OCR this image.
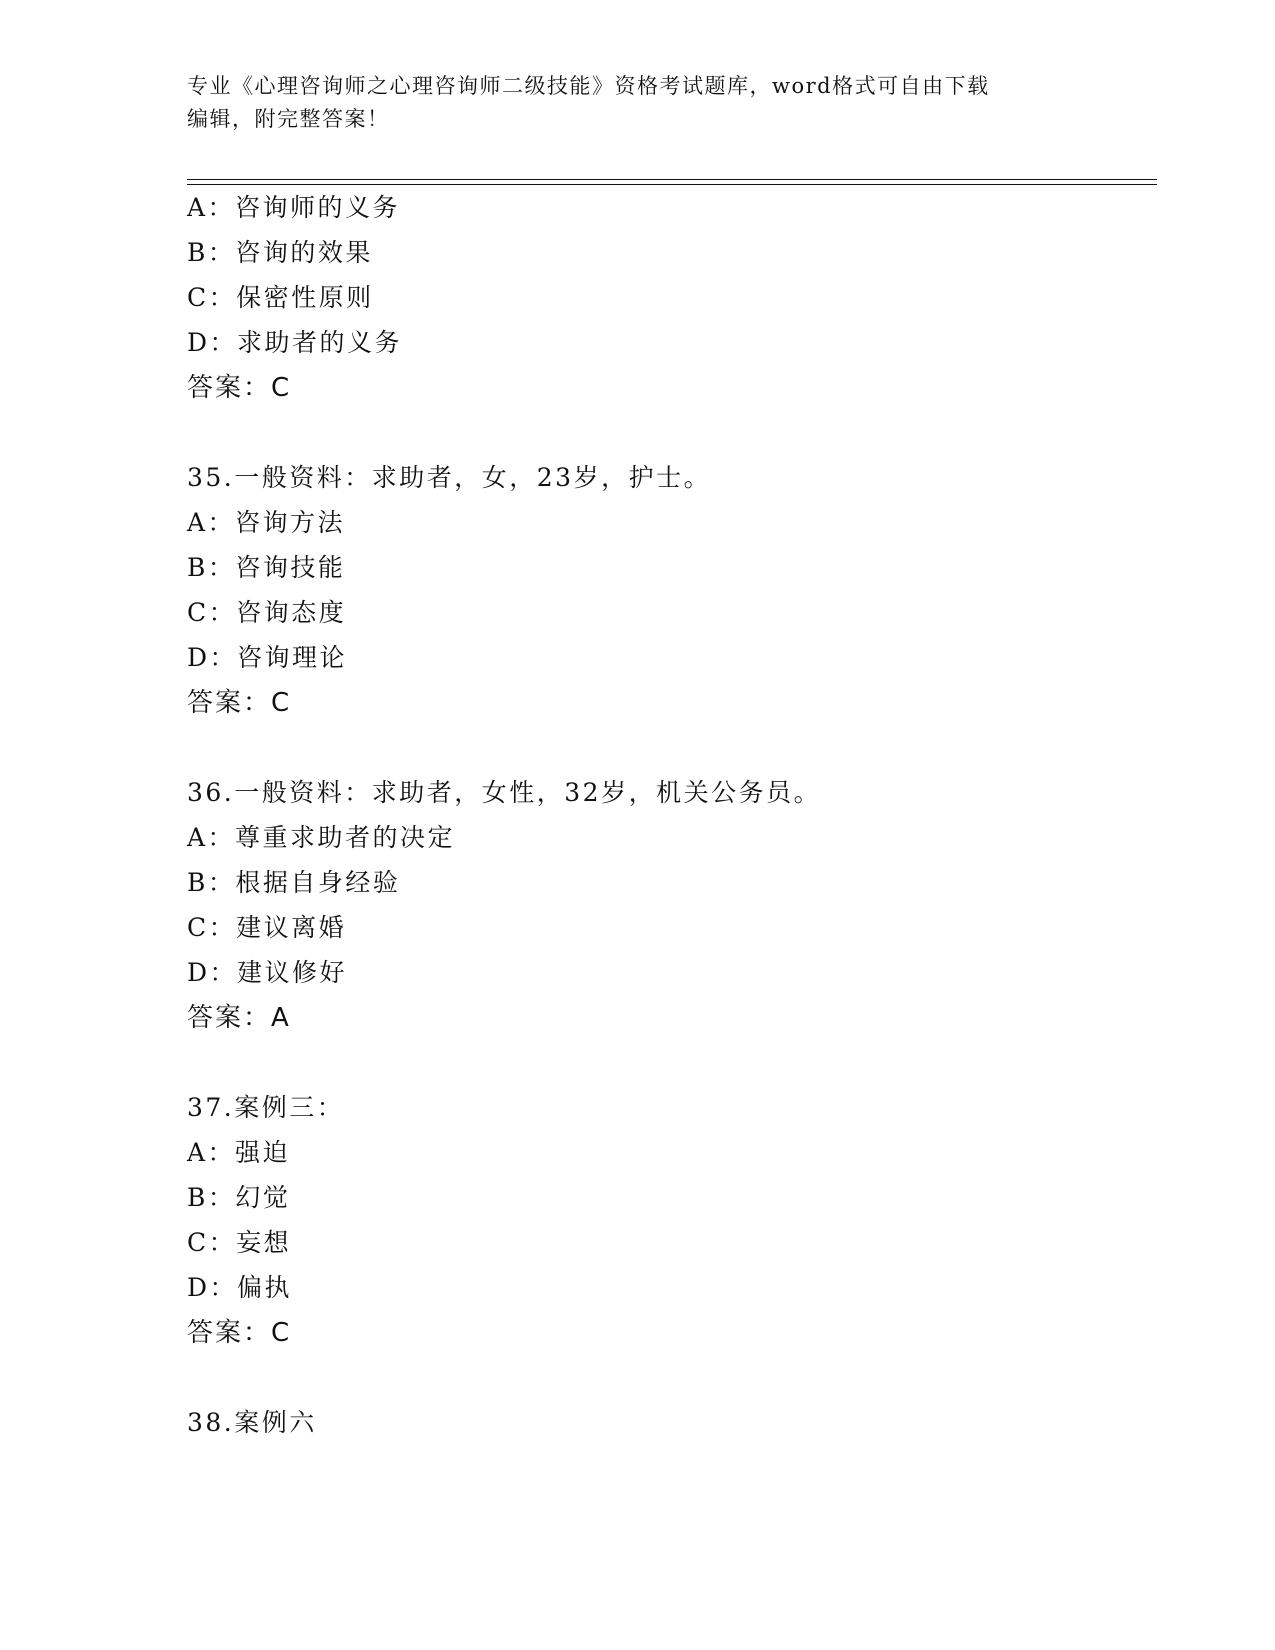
专业《心理咨询师之心理咨询师二级技能》资格考试题库，word格式可自由下载
编辑，附完整答案！
A：咨询师的义务
B：咨询的效果
C：保密性原则
D：求助者的义务
答案：C
35.一般资料：求助者，女，23岁，护士。
A：咨询方法
B：咨询技能
C：咨询态度
D：咨询理论
答案：C
36.一般资料：求助者，女性，32岁，机关公务员。
A：尊重求助者的决定
B：根据自身经验
C：建议离婚
D：建议修好
答案：A
37.案例三：
A：强迫
B：幻觉
C：妄想
D：偏执
答案：C
38.案例六
